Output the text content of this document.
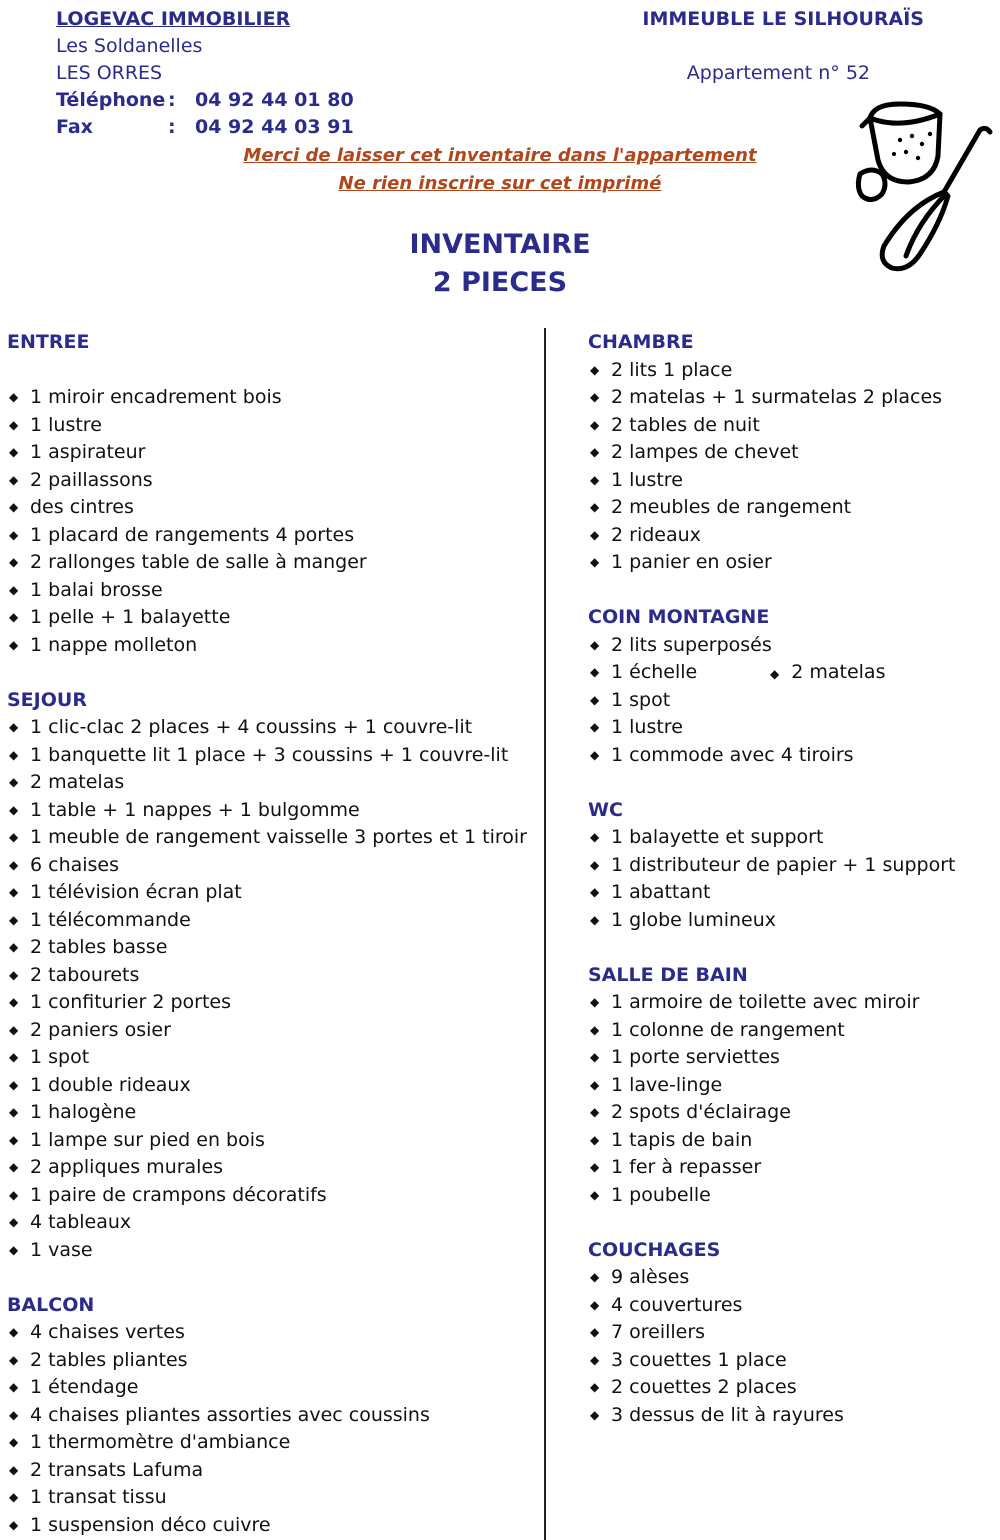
LOGEVAC IMMOBILIER
Les Soldanelles
LES ORRES
Téléphone : 04 92 44 01 80
Fax	: 04 92 44 03 91
IMMEUBLE LE SILHOURAÏS
Appartement n° 52
Merci de laisser cet inventaire dans l'appartement
Ne rien inscrire sur cet imprimé
INVENTAIRE
2 PIECES
ENTREE
◆ 1 miroir encadrement bois
◆ 1 lustre
◆ 1 aspirateur
◆ 2 paillassons
◆ des cintres
◆ 1 placard de rangements 4 portes
◆ 2 rallonges table de salle à manger
◆ 1 balai brosse
◆ 1 pelle + 1 balayette
◆ 1 nappe molleton
SEJOUR
◆ 1 clic-clac 2 places + 4 coussins + 1 couvre-lit
◆ 1 banquette lit 1 place + 3 coussins + 1 couvre-lit
◆ 2 matelas
◆ 1 table + 1 nappes + 1 bulgomme
◆ 1 meuble de rangement vaisselle 3 portes et 1 tiroir
◆ 6 chaises
◆ 1 télévision écran plat
◆ 1 télécommande
◆ 2 tables basse
◆ 2 tabourets
◆ 1 confiturier 2 portes
◆ 2 paniers osier
◆ 1 spot
◆ 1 double rideaux
◆ 1 halogène
◆ 1 lampe sur pied en bois
◆ 2 appliques murales
◆ 1 paire de crampons décoratifs
◆ 4 tableaux
◆ 1 vase
BALCON
◆ 4 chaises vertes
◆ 2 tables pliantes
◆ 1 étendage
◆ 4 chaises pliantes assorties avec coussins
◆ 1 thermomètre d'ambiance
◆ 2 transats Lafuma
◆ 1 transat tissu
◆ 1 suspension déco cuivre
CHAMBRE
◆ 2 lits 1 place
◆ 2 matelas + 1 surmatelas 2 places
◆ 2 tables de nuit
◆ 2 lampes de chevet
◆ 1 lustre
◆ 2 meubles de rangement
◆ 2 rideaux
◆ 1 panier en osier
COIN MONTAGNE
◆ 2 lits superposés
◆ 1 échelle	◆ 2 matelas
◆ 1 spot
◆ 1 lustre
◆ 1 commode avec 4 tiroirs
WC
◆ 1 balayette et support
◆ 1 distributeur de papier + 1 support
◆ 1 abattant
◆ 1 globe lumineux
SALLE DE BAIN
◆ 1 armoire de toilette avec miroir
◆ 1 colonne de rangement
◆ 1 porte serviettes
◆ 1 lave-linge
◆ 2 spots d'éclairage
◆ 1 tapis de bain
◆ 1 fer à repasser
◆ 1 poubelle
COUCHAGES
◆ 9 alèses
◆ 4 couvertures
◆ 7 oreillers
◆ 3 couettes 1 place
◆ 2 couettes 2 places
◆ 3 dessus de lit à rayures
